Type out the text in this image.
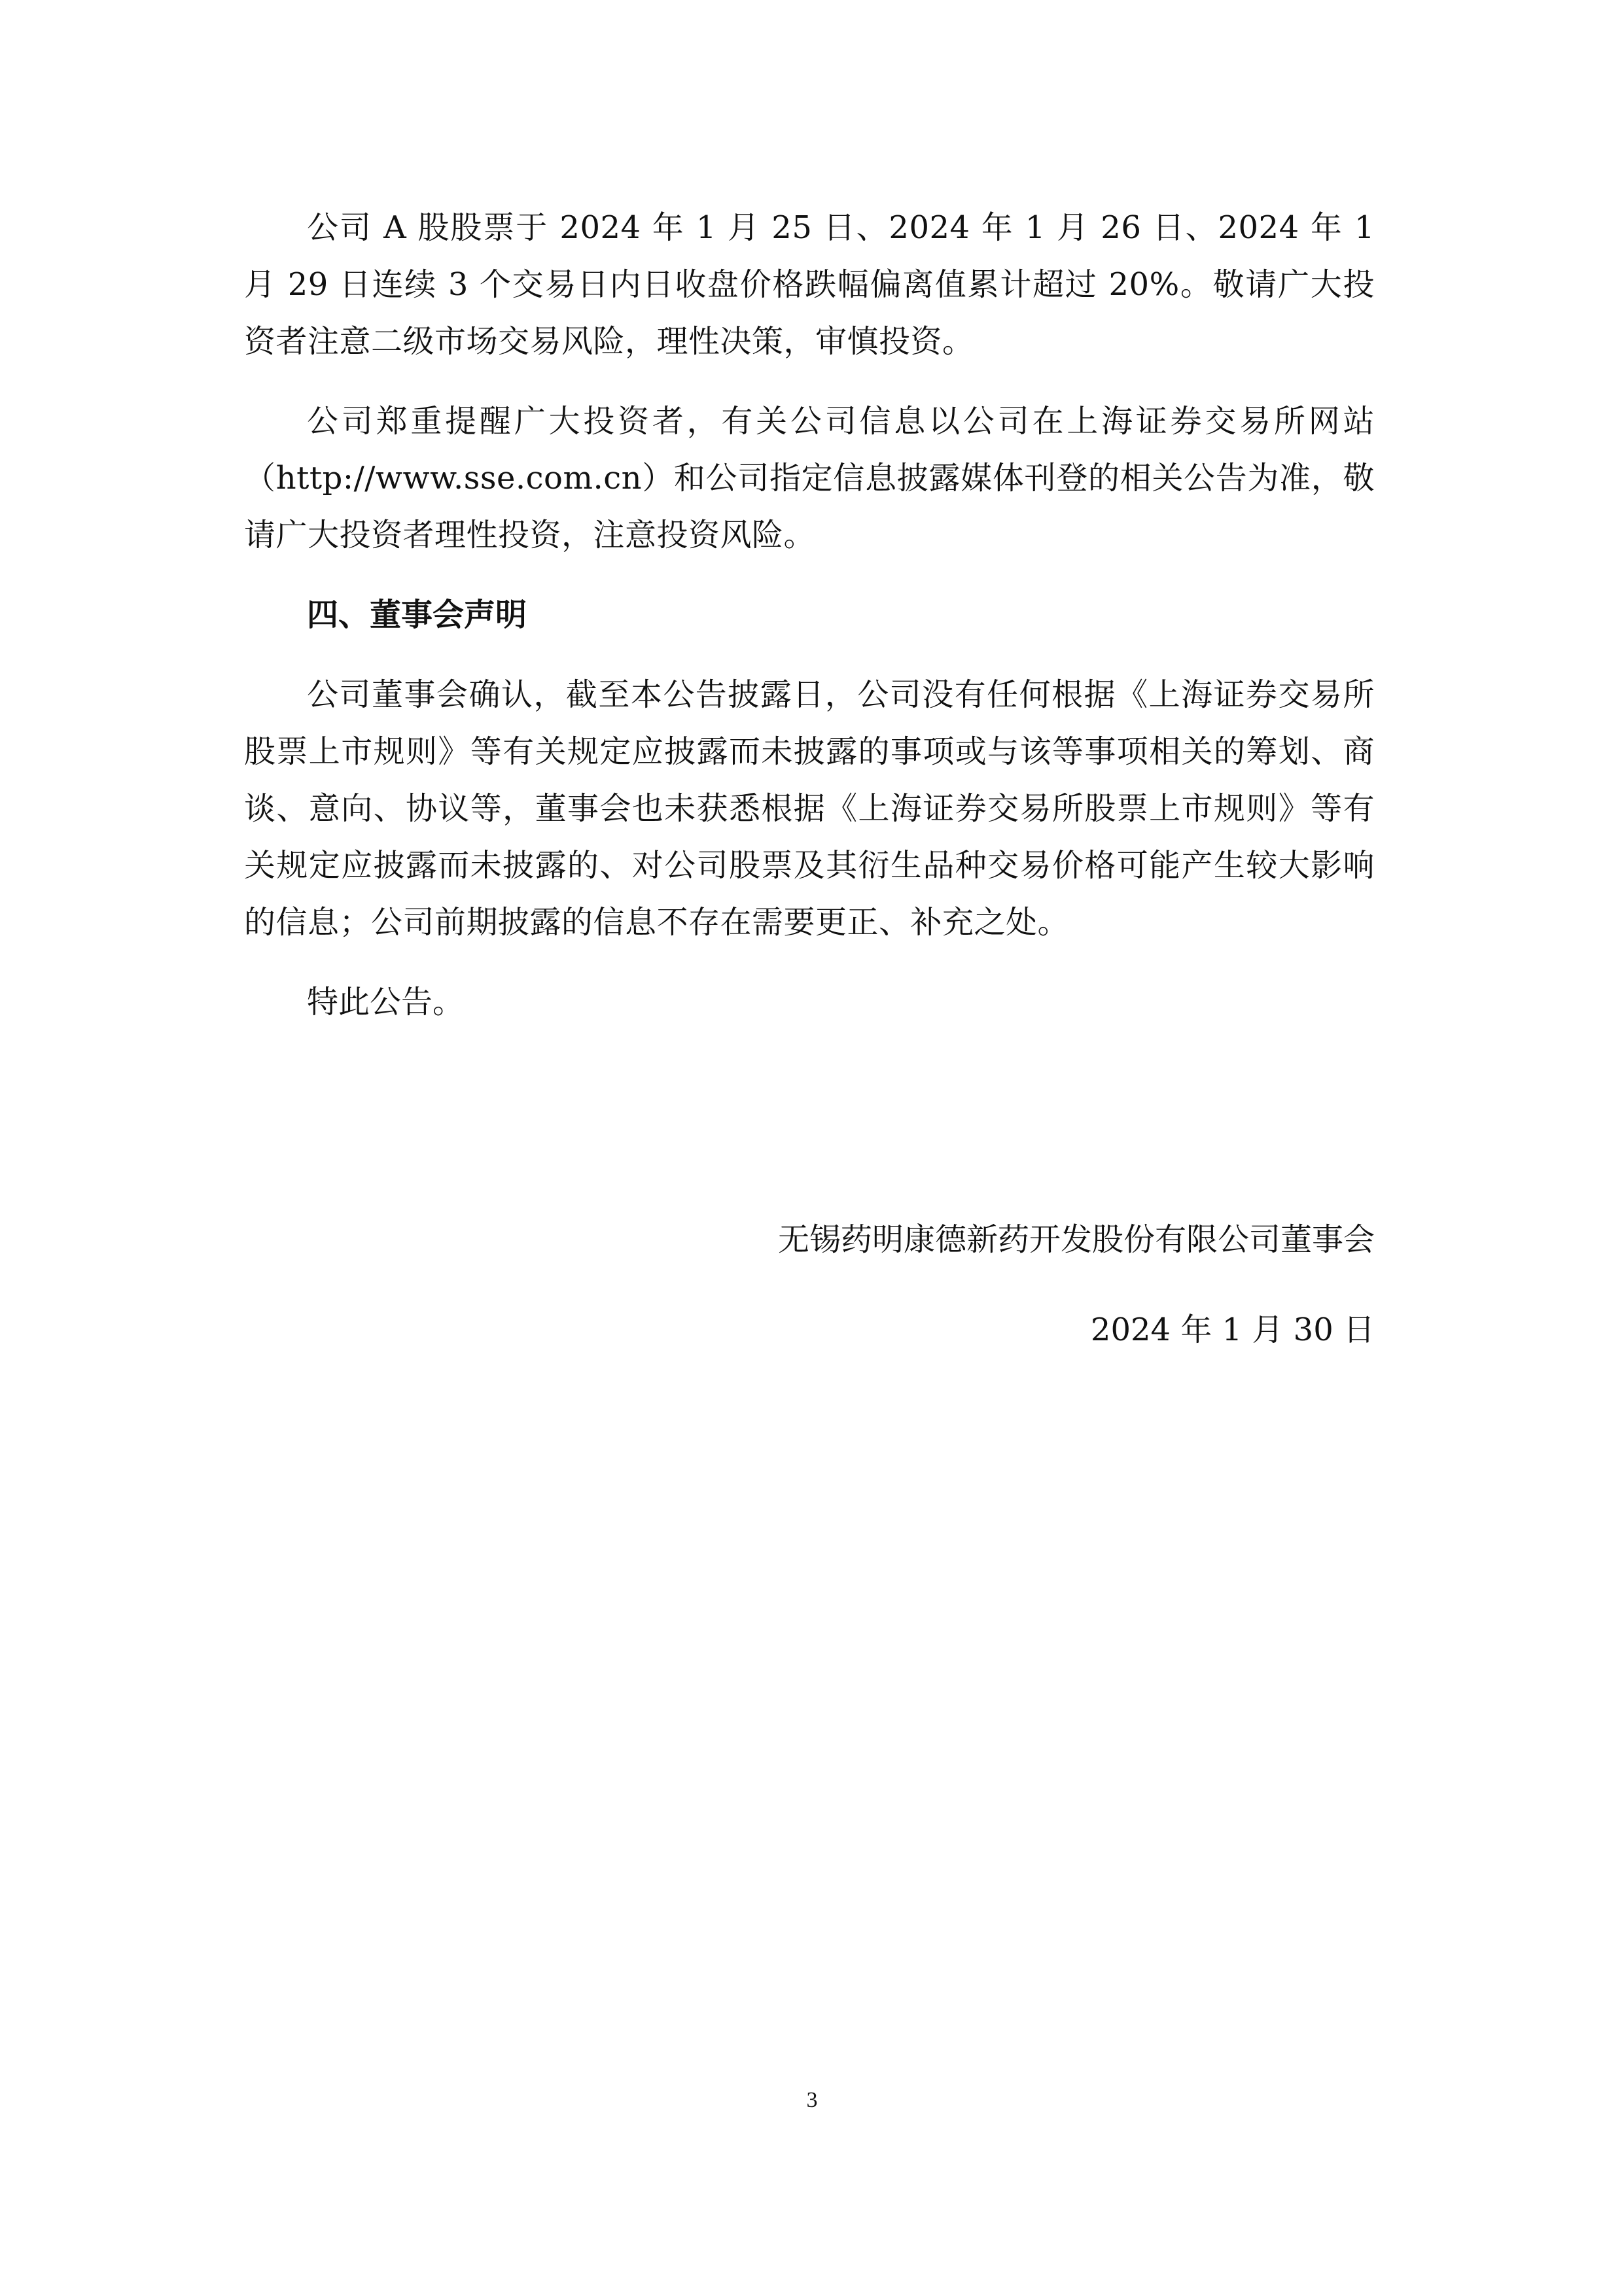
公司 A 股股票于 2024 年 1 月 25 日、2024 年 1 月 26 日、2024 年 1 月 29 日连续 3 个交易日内日收盘价格跌幅偏离值累计超过 20%。敬请广大投资者注意二级市场交易风险，理性决策，审慎投资。

公司郑重提醒广大投资者，有关公司信息以公司在上海证券交易所网站（http://www.sse.com.cn）和公司指定信息披露媒体刊登的相关公告为准，敬请广大投资者理性投资，注意投资风险。

四、董事会声明

公司董事会确认，截至本公告披露日，公司没有任何根据《上海证券交易所股票上市规则》等有关规定应披露而未披露的事项或与该等事项相关的筹划、商谈、意向、协议等，董事会也未获悉根据《上海证券交易所股票上市规则》等有关规定应披露而未披露的、对公司股票及其衍生品种交易价格可能产生较大影响的信息；公司前期披露的信息不存在需要更正、补充之处。

特此公告。

无锡药明康德新药开发股份有限公司董事会

2024 年 1 月 30 日

3
